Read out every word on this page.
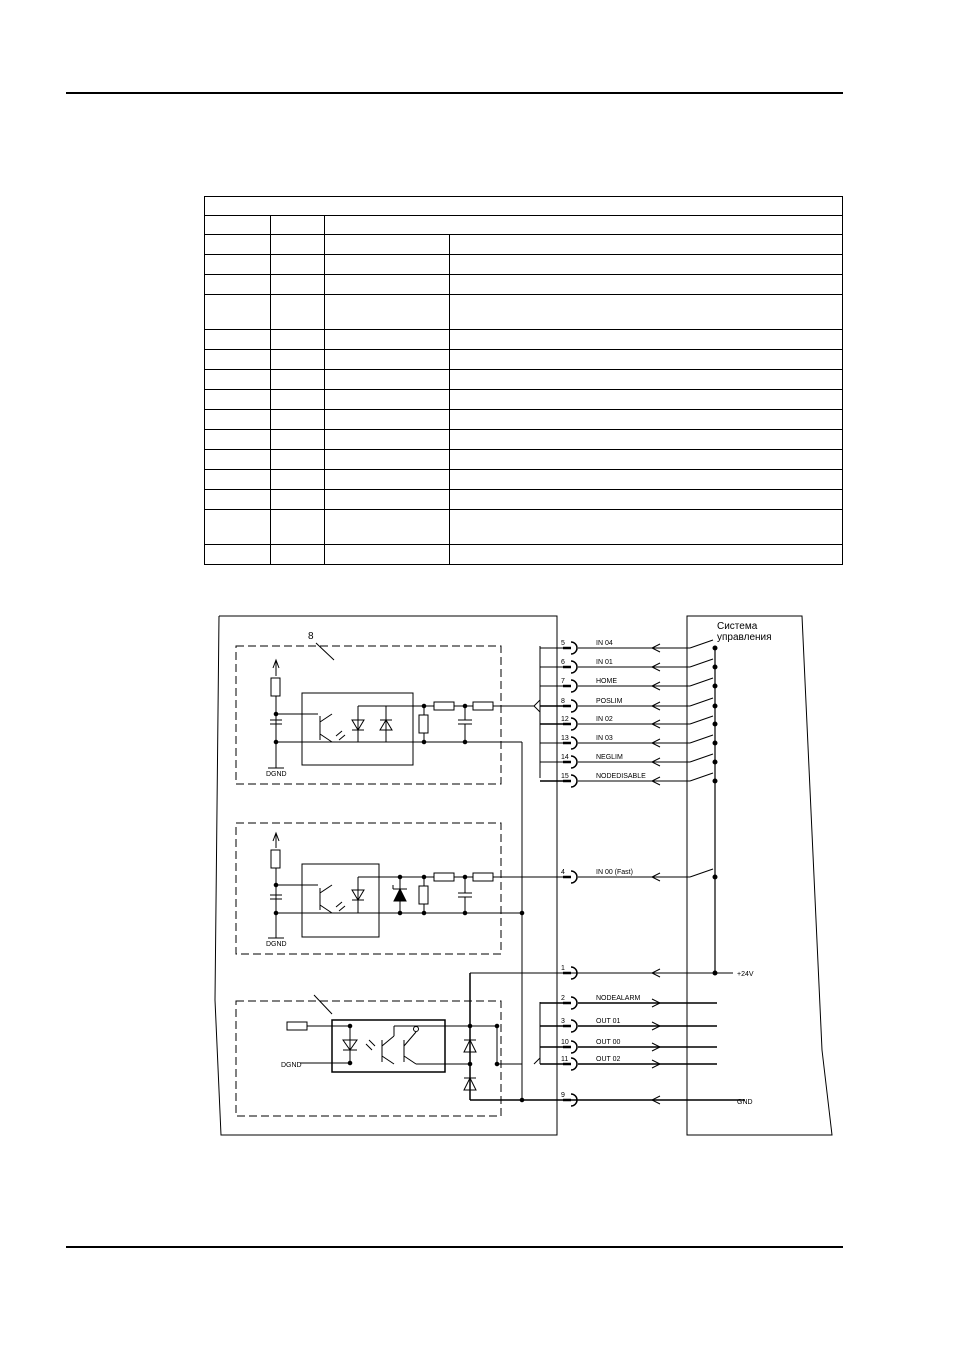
Система
управления
8
DGND
DGND
DGND
+24V
GND
5	IN 04
6	IN 01
7	HOME
8	POSLIM
12	IN 02
13	IN 03
14	NEGLIM
15	NODEDISABLE
4	IN 00 (Fast)
1
2	NODEALARM
3	OUT 01
10	OUT 00
11	OUT 02
9
